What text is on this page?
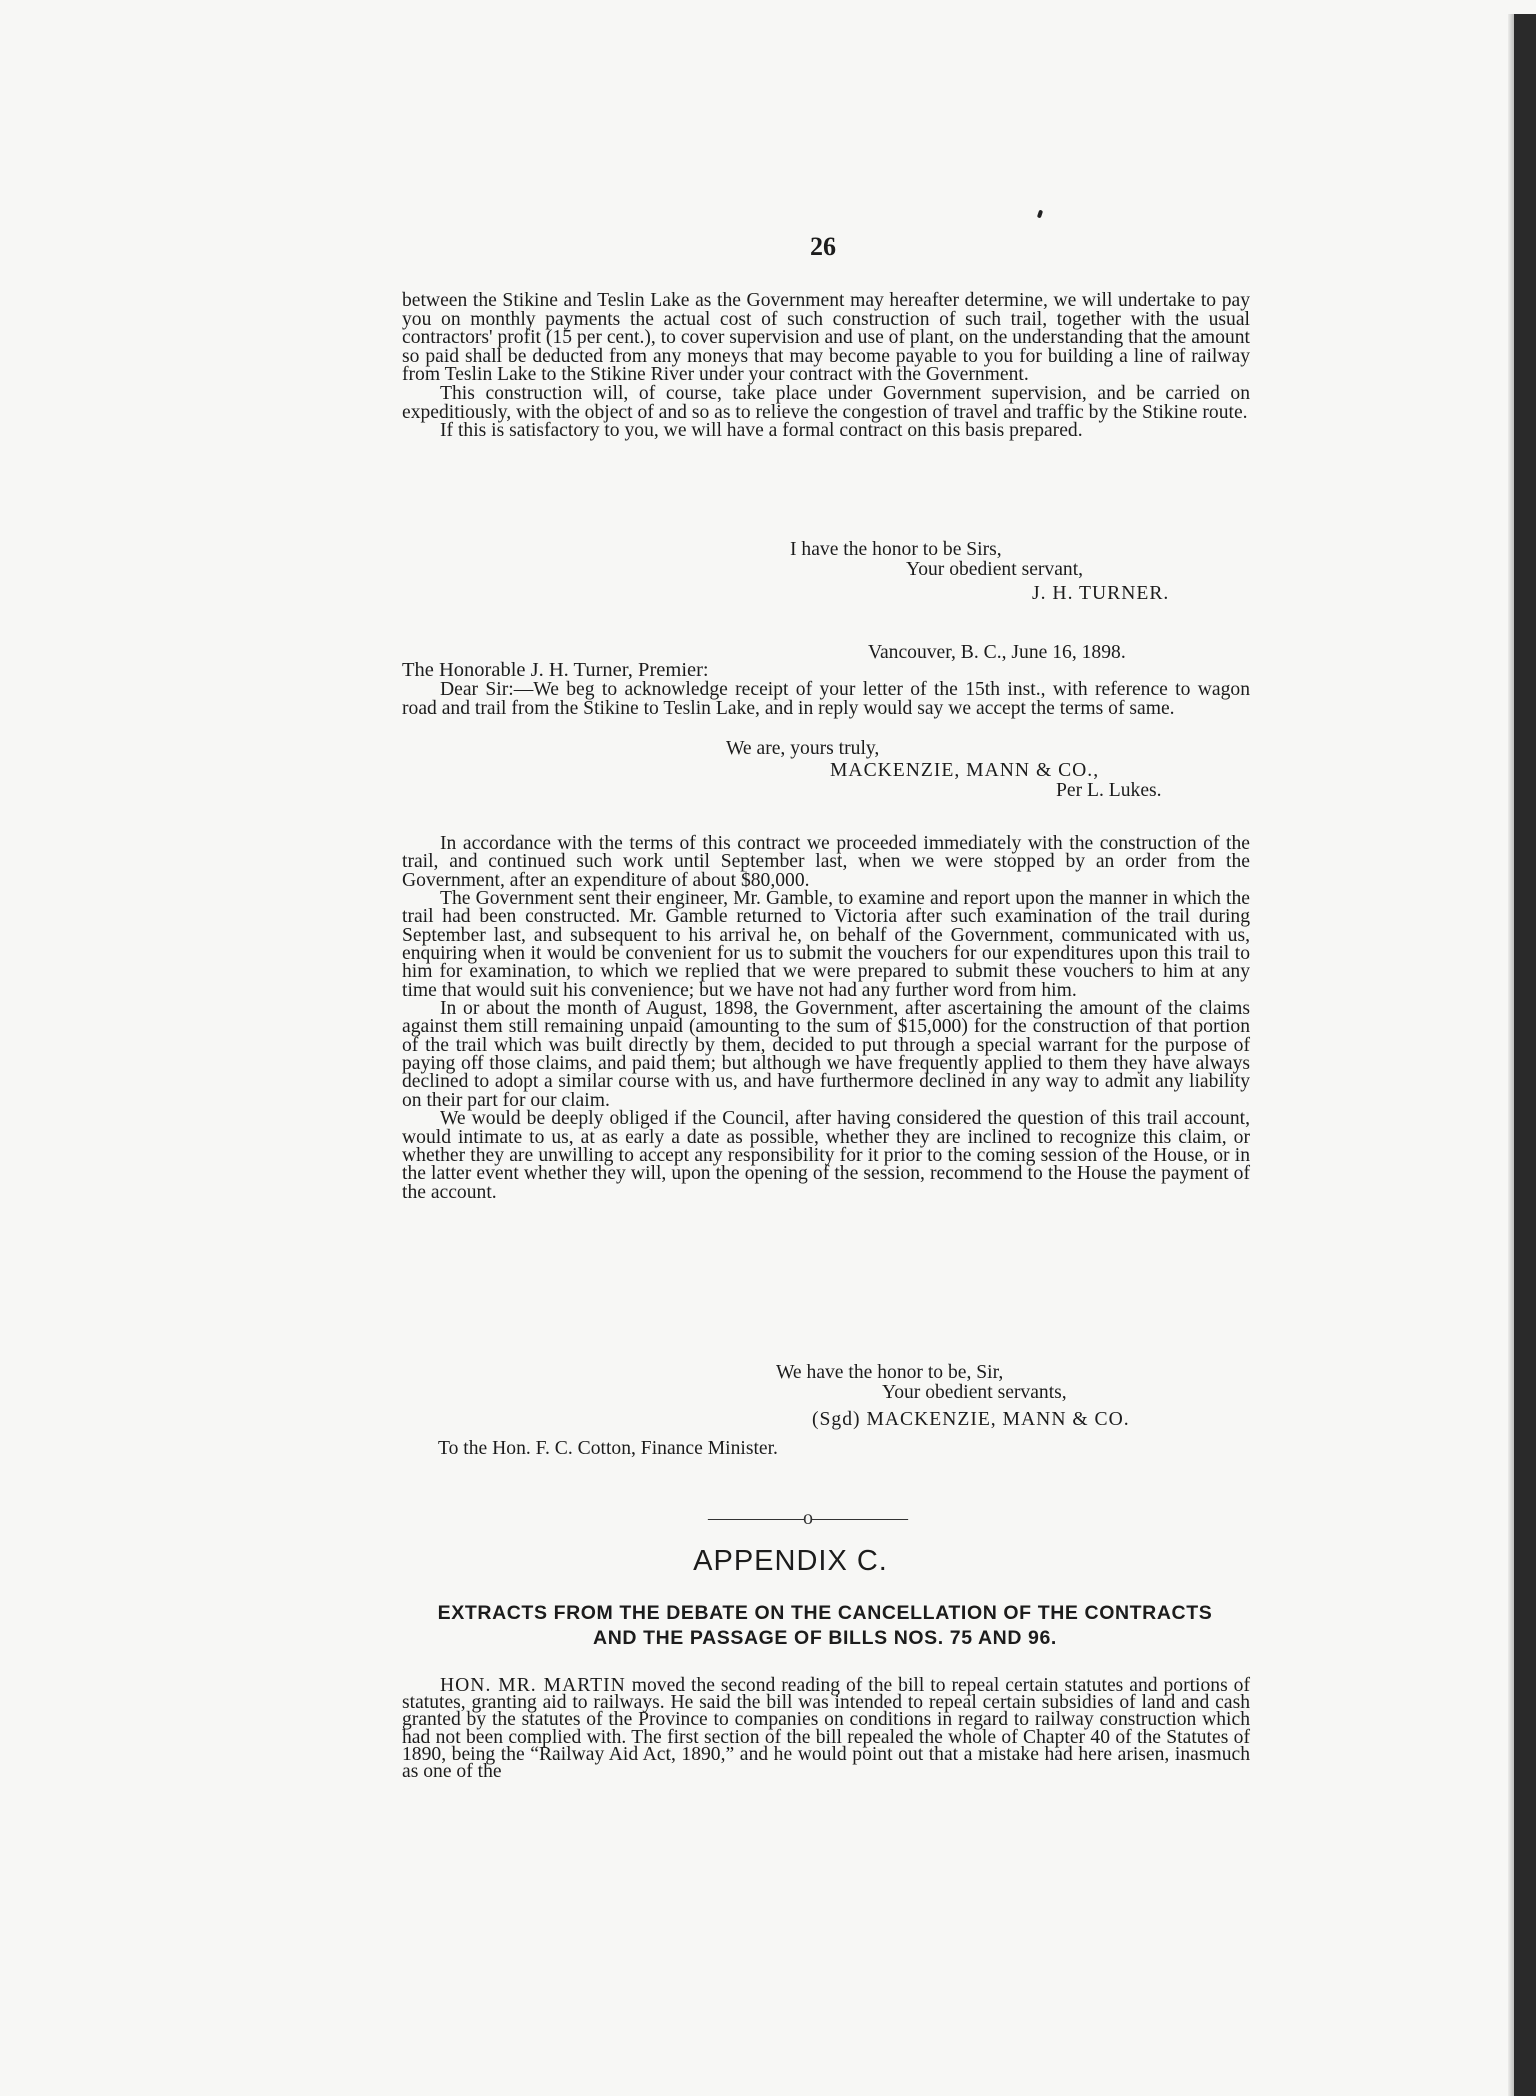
26

between the Stikine and Teslin Lake as the Government may hereafter determine, we will undertake to pay you on monthly payments the actual cost of such construction of such trail, together with the usual contractors' profit (15 per cent.), to cover supervision and use of plant, on the understanding that the amount so paid shall be deducted from any moneys that may become payable to you for building a line of railway from Teslin Lake to the Stikine River under your contract with the Government.

This construction will, of course, take place under Government supervision, and be carried on expeditiously, with the object of and so as to relieve the congestion of travel and traffic by the Stikine route.

If this is satisfactory to you, we will have a formal contract on this basis prepared.

I have the honor to be Sirs,
Your obedient servant,
J. H. TURNER.
Vancouver, B. C., June 16, 1898.
The Honorable J. H. Turner, Premier:

Dear Sir:—We beg to acknowledge receipt of your letter of the 15th inst., with reference to wagon road and trail from the Stikine to Teslin Lake, and in reply would say we accept the terms of same.

We are, yours truly,
MACKENZIE, MANN & CO.,
Per L. Lukes.

In accordance with the terms of this contract we proceeded immediately with the construction of the trail, and continued such work until September last, when we were stopped by an order from the Government, after an expenditure of about $80,000.

The Government sent their engineer, Mr. Gamble, to examine and report upon the manner in which the trail had been constructed. Mr. Gamble returned to Victoria after such examination of the trail during September last, and subsequent to his arrival he, on behalf of the Government, communicated with us, enquiring when it would be convenient for us to submit the vouchers for our expenditures upon this trail to him for examination, to which we replied that we were prepared to submit these vouchers to him at any time that would suit his convenience; but we have not had any further word from him.

In or about the month of August, 1898, the Government, after ascertaining the amount of the claims against them still remaining unpaid (amounting to the sum of $15,000) for the construction of that portion of the trail which was built directly by them, decided to put through a special warrant for the purpose of paying off those claims, and paid them; but although we have frequently applied to them they have always declined to adopt a similar course with us, and have furthermore declined in any way to admit any liability on their part for our claim.

We would be deeply obliged if the Council, after having considered the question of this trail account, would intimate to us, at as early a date as possible, whether they are inclined to recognize this claim, or whether they are unwilling to accept any responsibility for it prior to the coming session of the House, or in the latter event whether they will, upon the opening of the session, recommend to the House the payment of the account.

We have the honor to be, Sir,
Your obedient servants,
(Sgd) MACKENZIE, MANN & CO.
To the Hon. F. C. Cotton, Finance Minister.
—————o—————
APPENDIX C.
EXTRACTS FROM THE DEBATE ON THE CANCELLATION OF THE CONTRACTS
AND THE PASSAGE OF BILLS NOS. 75 AND 96.

HON. MR. MARTIN moved the second reading of the bill to repeal certain statutes and portions of statutes, granting aid to railways. He said the bill was intended to repeal certain subsidies of land and cash granted by the statutes of the Province to companies on conditions in regard to railway construction which had not been complied with. The first section of the bill repealed the whole of Chapter 40 of the Statutes of 1890, being the “Railway Aid Act, 1890,” and he would point out that a mistake had here arisen, inasmuch as one of the
